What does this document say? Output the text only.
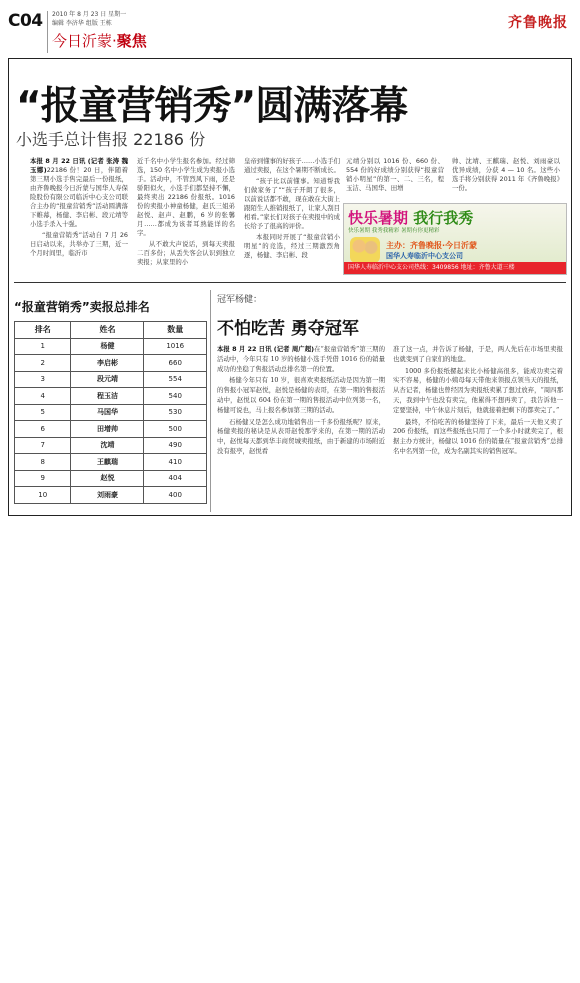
C04 2010 年 8 月 23 日 星期一
编辑 李济华 组版 王栋
今日沂蒙·聚焦
齐鲁晚报
“报童营销秀”圆满落幕
小选手总计售报 22186 份

本报 8 月 22 日讯 (记者 张涛 魏玉娜)22186 份！20 日，伴随着第三期小选手售完最后一份报纸，由齐鲁晚报今日沂蒙与国华人寿保险股份有限公司临沂中心支公司联合主办的“报童营销秀”活动圆满落下帷幕，杨健、李启彬、段元靖等小选手杀入十强。

“报童营销秀”活动自 7 月 26 日启动以来，共举办了三期，近一个月时间里，临沂市

近千名中小学生报名参加。经过筛选，150 名中小学生成为卖报小选手。活动中，不管烈风下雨，还是骄阳似火，小选手们都坚持不懈，最终卖出 22186 份报纸。1016 份的卖报小神童杨健，赵氏三姐弟赵悦、赵声、赵鹏，6 岁的张馨月……都成为该者耳熟能详的名字。

从不敢大声说话，到每天卖报二百多份；从丢失客会认识到独立卖报；从家里的小

皇帝到懂事的好孩子……小选手们通过卖报，在这个暑期不断成长。

“孩子比以前懂事。知道帮我们做家务了”“孩子开朗了很多，以前说话都不敢，现在敢在大街上跟陌生人推销报纸了，让家人刮目相看。”家长们对孩子在卖报中的成长给予了很高的评价。

本报同时开展了“报童营销小明星”的竞选，经过三期激烈角逐，杨健、李启彬、段

元靖分别以 1016 份、660 份、554 份的好成绩分别获得“报童营销小明星”的第一、二、三名，程玉洁、马国华、田增

帅、沈靖、王麒瑞、赵悦、刘雨豪以优异成绩，分获 4 — 10 名。这些小选手将分别获得 2011 年《齐鲁晚报》一份。

快乐暑期 我行我秀
快乐暑期 我秀我精彩 暑期有你更精彩
主办：齐鲁晚报·今日沂蒙
国华人寿临沂中心支公司
国华人寿临沂中心支公司热线：3409856 地址：齐鲁大道三楼
“报童营销秀”卖报总排名
排名	姓名	数量
1	杨健	1016
2	李启彬	660
3	段元靖	554
4	程玉洁	540
5	马国华	530
6	田增帅	500
7	沈靖	490
8	王麒瑞	410
9	赵悦	404
10	刘雨豪	400
冠军杨健：
不怕吃苦 勇夺冠军

本报 8 月 22 日讯 (记者 周广超)在“报童营销秀”第三期的活动中，今年只有 10 岁的杨健小选手凭借 1016 份的销量成功的坐稳了售报活动总排名第一的位置。

杨健今年只有 10 岁，很喜欢卖报纸活动是因为第一期的售报小冠军赵悦，赵悦是杨健的表哥，在第一期的售报活动中，赵悦以 604 份在第一期的售报活动中位列第一名，杨健可说也，马上报名参加第三期的活动。

石杨健又是怎么成功地销售出一千多份报纸呢？原来，杨健卖报的秘诀是从表哥赵悦那学来的，在第一期的活动中，赵悦每天都到华丰商贸城卖报纸，由于新建的市场附近没有报亭，赵悦看

准了这一点，并告诉了杨健，于是，两人先后在市场里卖报也就变到了自家们的地盘。

1000 多份报纸摞起来比小杨健高很多，能成功卖完着实不容易，杨健的小姨母每天带他来领报点领当天的报纸，从杏记者，杨健也曾经因为卖报纸卖累了想过放弃，“周四那天，我到中午也没有卖完，他累得不想再卖了，我告诉他一定要坚持，中午休息片刻后，他就接着把剩下的都卖完了。”

最终，不怕吃苦的杨健坚持了下来，最后一天他又卖了 206 份报纸，而这些报纸也只用了一个多小时就卖完了，根据主办方统计，杨健以 1016 份的销量在“报童营销秀”总排名中名列第一位，成为名副其实的销售冠军。
